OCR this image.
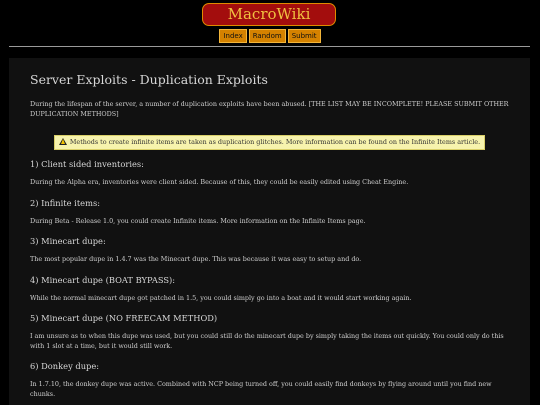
MacroWiki
Index Random Submit
Server Exploits - Duplication Exploits

During the lifespan of the server, a number of duplication exploits have been abused. [THE LIST MAY BE INCOMPLETE! PLEASE SUBMIT OTHER DUPLICATION METHODS]

Methods to create infinite items are taken as duplication glitches. More information can be found on the Infinite Items article.
1) Client sided inventories:

During the Alpha era, inventories were client sided. Because of this, they could be easily edited using Cheat Engine.

2) Infinite items:

During Beta - Release 1.0, you could create Infinite items. More information on the Infinite Items page.

3) Minecart dupe:

The most popular dupe in 1.4.7 was the Minecart dupe. This was because it was easy to setup and do.

4) Minecart dupe (BOAT BYPASS):

While the normal minecart dupe got patched in 1.5, you could simply go into a boat and it would start working again.

5) Minecart dupe (NO FREECAM METHOD)

I am unsure as to when this dupe was used, but you could still do the minecart dupe by simply taking the items out quickly. You could only do this with 1 slot at a time, but it would still work.

6) Donkey dupe:

In 1.7.10, the donkey dupe was active. Combined with NCP being turned off, you could easily find donkeys by flying around until you find new chunks.
